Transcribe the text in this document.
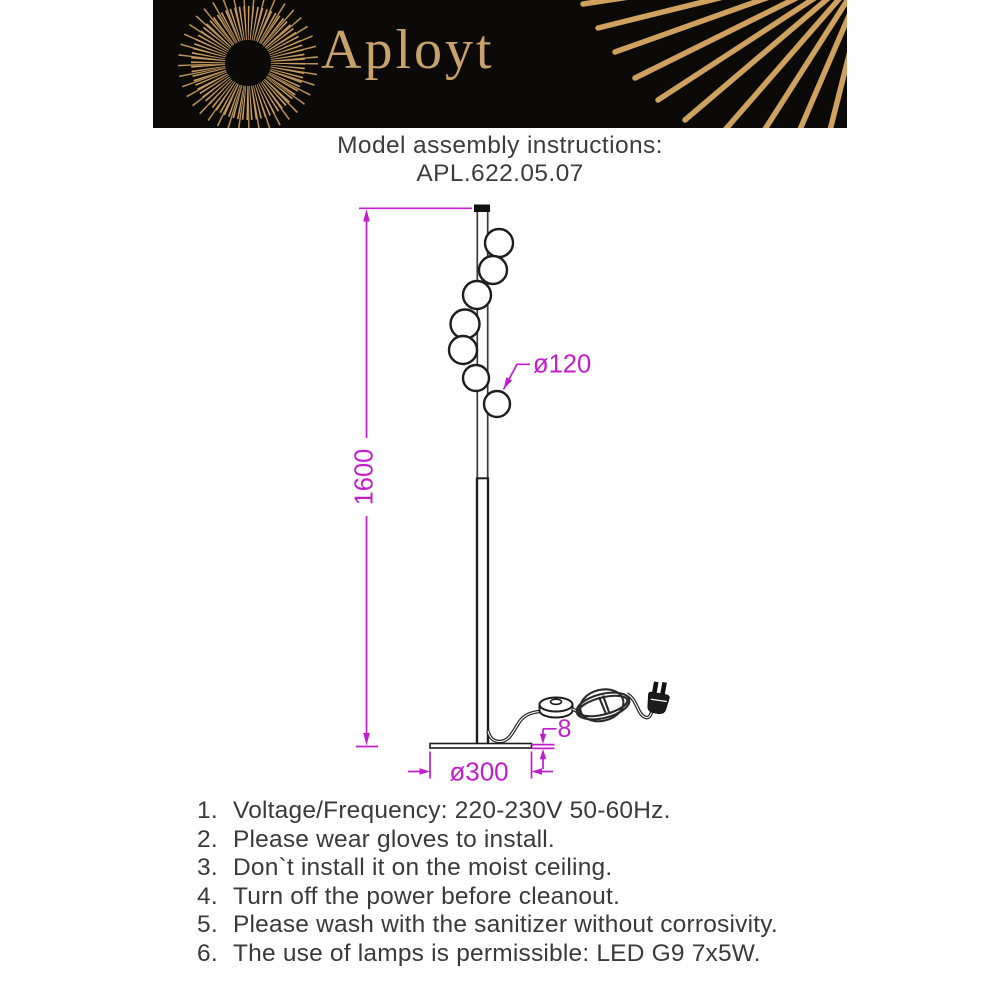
Aployt
Model assembly instructions:
APL.622.05.07
1600
ø120
8
ø300
1. Voltage/Frequency: 220-230V 50-60Hz.
2. Please wear gloves to install.
3. Don`t install it on the moist ceiling.
4. Turn off the power before cleanout.
5. Please wash with the sanitizer without corrosivity.
6. The use of lamps is permissible: LED G9 7x5W.
